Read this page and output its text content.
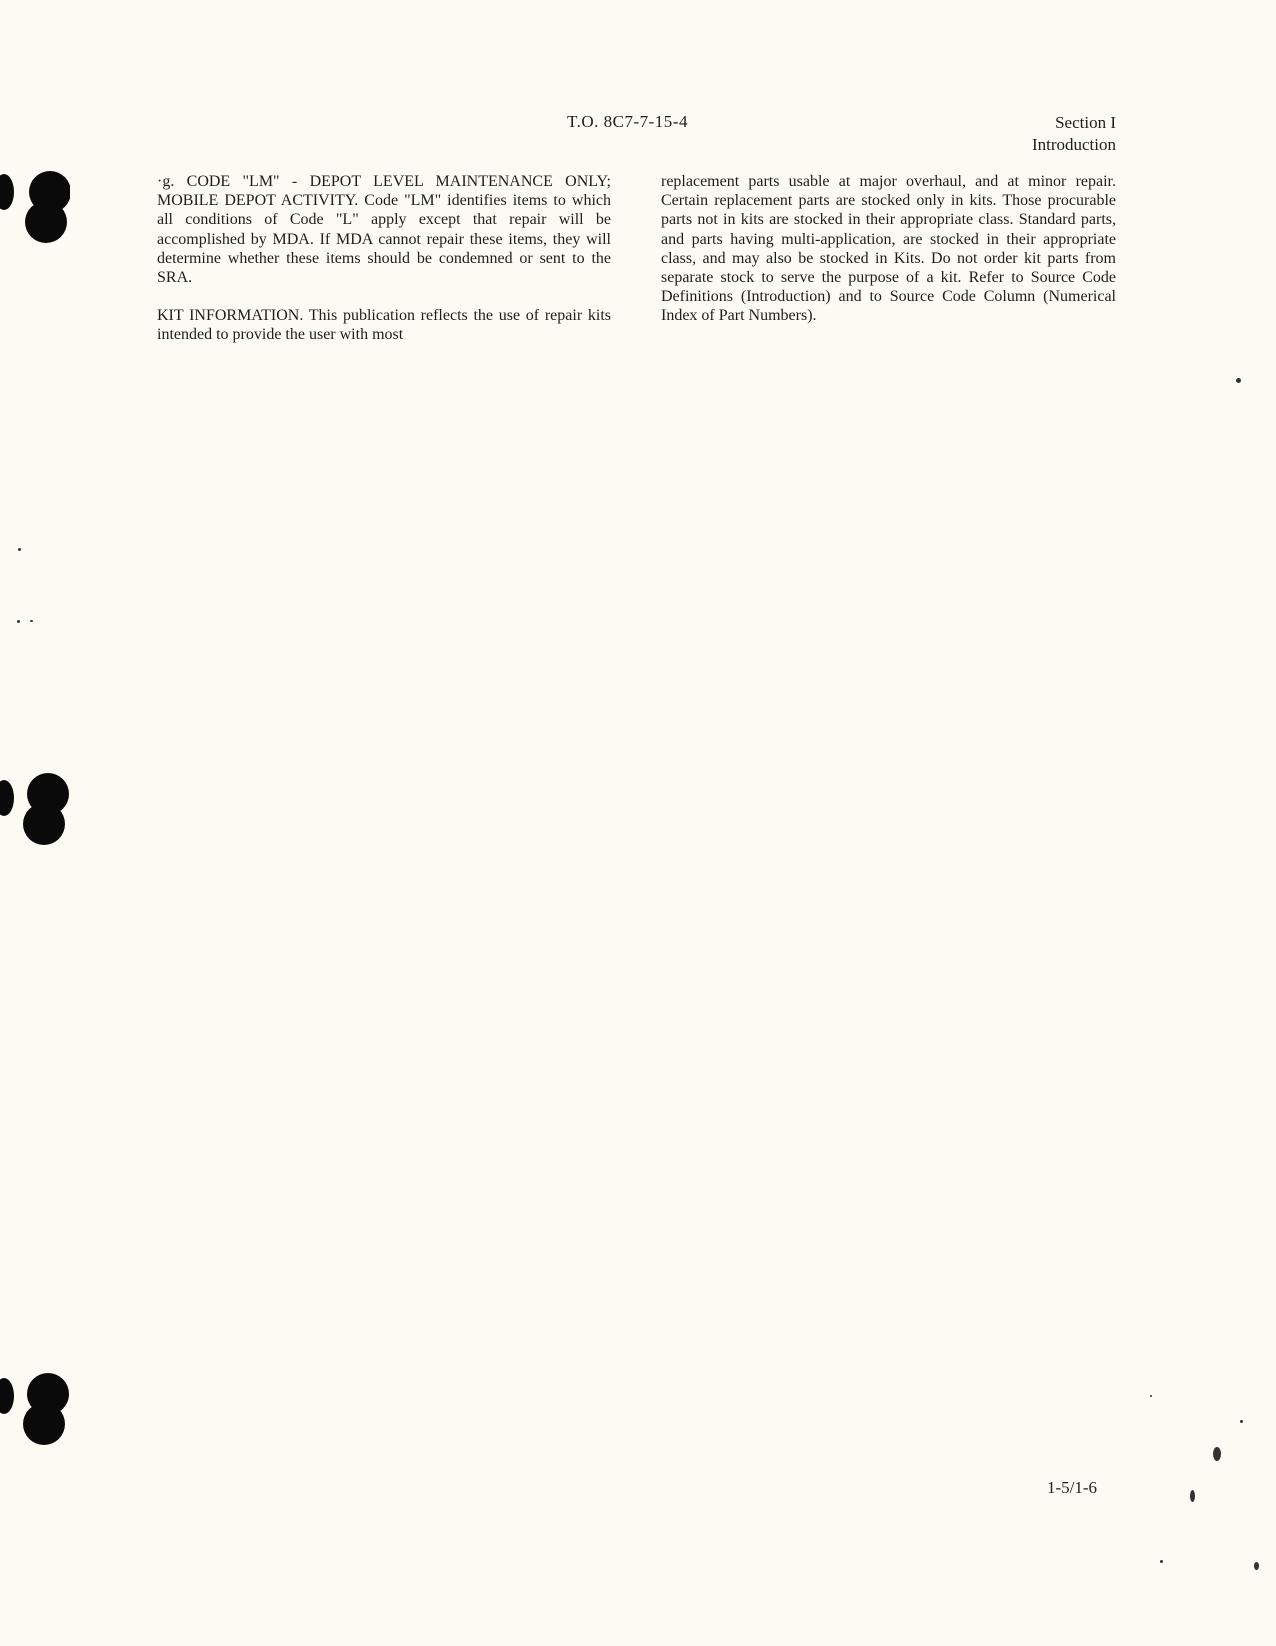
T.O. 8C7-7-15-4	Section I
Introduction

·g. CODE "LM" - DEPOT LEVEL MAINTENANCE ONLY; MOBILE DEPOT ACTIVITY. Code "LM" identifies items to which all conditions of Code "L" apply except that repair will be accomplished by MDA. If MDA cannot repair these items, they will determine whether these items should be condemned or sent to the SRA.

KIT INFORMATION. This publication reflects the use of repair kits intended to provide the user with most

replacement parts usable at major overhaul, and at minor repair. Certain replacement parts are stocked only in kits. Those procurable parts not in kits are stocked in their appropriate class. Standard parts, and parts having multi-application, are stocked in their appropriate class, and may also be stocked in Kits. Do not order kit parts from separate stock to serve the purpose of a kit. Refer to Source Code Definitions (Introduction) and to Source Code Column (Numerical Index of Part Numbers).

1-5/1-6
